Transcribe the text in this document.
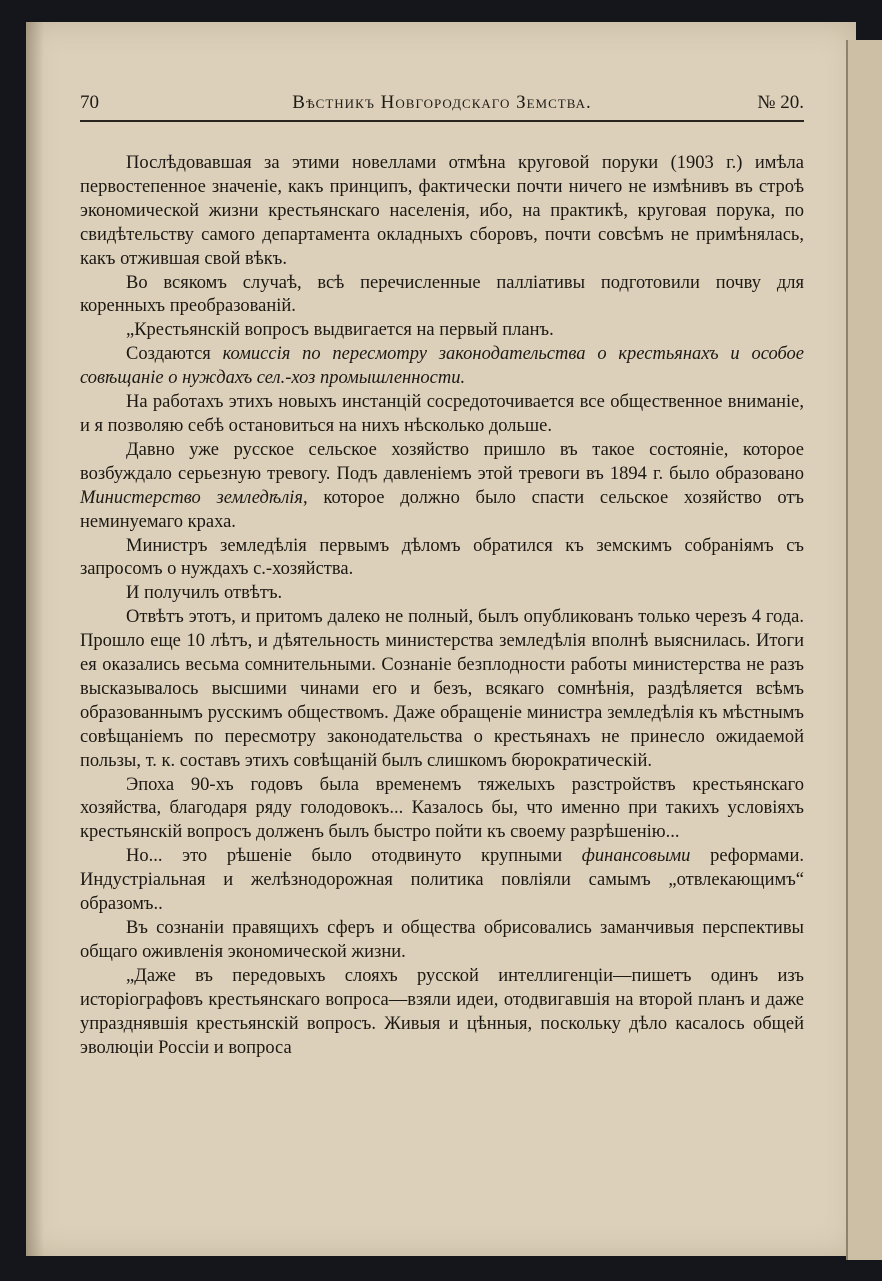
70	Вѣстникъ Новгородскаго Земства.	№ 20.

Послѣдовавшая за этими новеллами отмѣна круговой поруки (1903 г.) имѣла первостепенное значеніе, какъ принципъ, фактически почти ничего не измѣнивъ въ строѣ экономической жизни крестьянскаго населенія, ибо, на практикѣ, круговая порука, по свидѣтельству самого департамента окладныхъ сборовъ, почти совсѣмъ не примѣнялась, какъ отжившая свой вѣкъ.

Во всякомъ случаѣ, всѣ перечисленные паллiативы подготовили почву для коренныхъ преобразованій.

„Крестьянскій вопросъ выдвигается на первый планъ.

Создаются комиссія по пересмотру законодательства о крестьянахъ и особое совѣщаніе о нуждахъ сел.-хоз промышленности.

На работахъ этихъ новыхъ инстанцій сосредоточивается все общественное вниманіе, и я позволяю себѣ остановиться на нихъ нѣсколько дольше.

Давно уже русское сельское хозяйство пришло въ такое состояніе, которое возбуждало серьезную тревогу. Подъ давленіемъ этой тревоги въ 1894 г. было образовано Министерство земледѣлія, которое должно было спасти сельское хозяйство отъ неминуемаго краха.

Министръ земледѣлія первымъ дѣломъ обратился къ земскимъ собраніямъ съ запросомъ о нуждахъ с.-хозяйства.

И получилъ отвѣтъ.

Отвѣтъ этотъ, и притомъ далеко не полный, былъ опубликованъ только черезъ 4 года. Прошло еще 10 лѣтъ, и дѣятельность министерства земледѣлія вполнѣ выяснилась. Итоги ея оказались весьма сомнительными. Сознаніе безплодности работы министерства не разъ высказывалось высшими чинами его и безъ, всякаго сомнѣнія, раздѣляется всѣмъ образованнымъ русскимъ обществомъ. Даже обращеніе министра земледѣлія къ мѣстнымъ совѣщаніемъ по пересмотру законодательства о крестьянахъ не принесло ожидаемой пользы, т. к. составъ этихъ совѣщаній былъ слишкомъ бюрократическій.

Эпоха 90-хъ годовъ была временемъ тяжелыхъ разстройствъ крестьянскаго хозяйства, благодаря ряду голодовокъ... Казалось бы, что именно при такихъ условіяхъ крестьянскій вопросъ долженъ былъ быстро пойти къ своему разрѣшенію...

Но... это рѣшеніе было отодвинуто крупными финансовыми реформами. Индустріальная и желѣзнодорожная политика повліяли самымъ „отвлекающимъ“ образомъ..

Въ сознаніи правящихъ сферъ и общества обрисовались заманчивыя перспективы общаго оживленія экономической жизни.

„Даже въ передовыхъ слояхъ русской интеллигенціи—пишетъ одинъ изъ исторіографовъ крестьянскаго вопроса—взяли идеи, отодвигавшія на второй планъ и даже упразднявшія крестьянскій вопросъ. Живыя и цѣнныя, поскольку дѣло касалось общей эволюціи Россіи и вопроса
